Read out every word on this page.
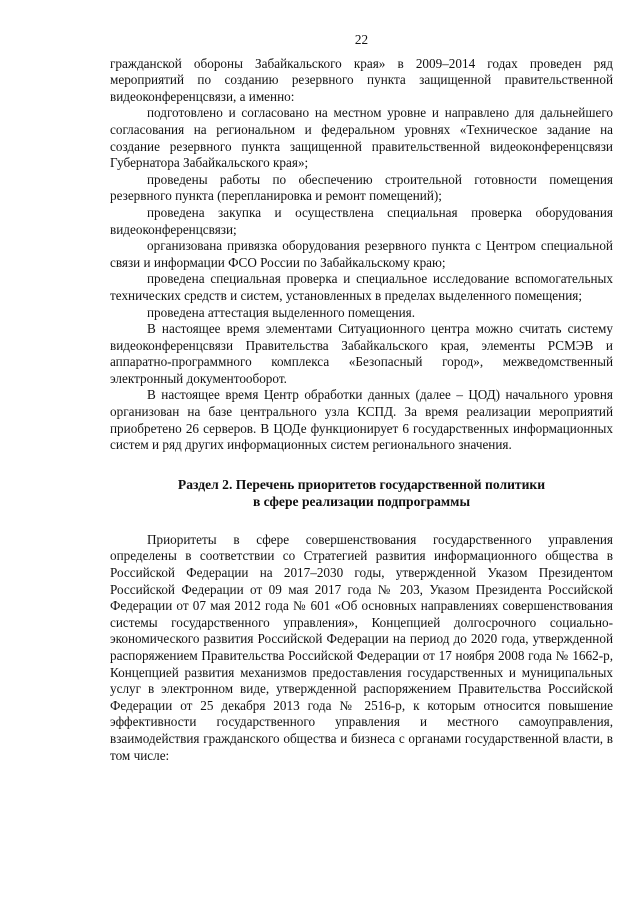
22

гражданской обороны Забайкальского края» в 2009–2014 годах проведен ряд мероприятий по созданию резервного пункта защищенной правительственной видеоконференцсвязи, а именно:

подготовлено и согласовано на местном уровне и направлено для дальнейшего согласования на региональном и федеральном уровнях «Техническое задание на создание резервного пункта защищенной правительственной видеоконференцсвязи Губернатора Забайкальского края»;

проведены работы по обеспечению строительной готовности помещения резервного пункта (перепланировка и ремонт помещений);

проведена закупка и осуществлена специальная проверка оборудования видеоконференцсвязи;

организована привязка оборудования резервного пункта с Центром специальной связи и информации ФСО России по Забайкальскому краю;

проведена специальная проверка и специальное исследование вспомогательных технических средств и систем, установленных в пределах выделенного помещения;

проведена аттестация выделенного помещения.

В настоящее время элементами Ситуационного центра можно считать систему видеоконференцсвязи Правительства Забайкальского края, элементы РСМЭВ и аппаратно-программного комплекса «Безопасный город», межведомственный электронный документооборот.

В настоящее время Центр обработки данных (далее – ЦОД) начального уровня организован на базе центрального узла КСПД. За время реализации мероприятий приобретено 26 серверов. В ЦОДе функционирует 6 государственных информационных систем и ряд других информационных систем регионального значения.

Раздел 2. Перечень приоритетов государственной политики
в сфере реализации подпрограммы

Приоритеты в сфере совершенствования государственного управления определены в соответствии со Стратегией развития информационного общества в Российской Федерации на 2017–2030 годы, утвержденной Указом Президентом Российской Федерации от 09 мая 2017 года № 203, Указом Президента Российской Федерации от 07 мая 2012 года № 601 «Об основных направлениях совершенствования системы государственного управления», Концепцией долгосрочного социально-экономического развития Российской Федерации на период до 2020 года, утвержденной распоряжением Правительства Российской Федерации от 17 ноября 2008 года № 1662-р, Концепцией развития механизмов предоставления государственных и муниципальных услуг в электронном виде, утвержденной распоряжением Правительства Российской Федерации от 25 декабря 2013 года № 2516-р, к которым относится повышение эффективности государственного управления и местного самоуправления, взаимодействия гражданского общества и бизнеса с органами государственной власти, в том числе:
